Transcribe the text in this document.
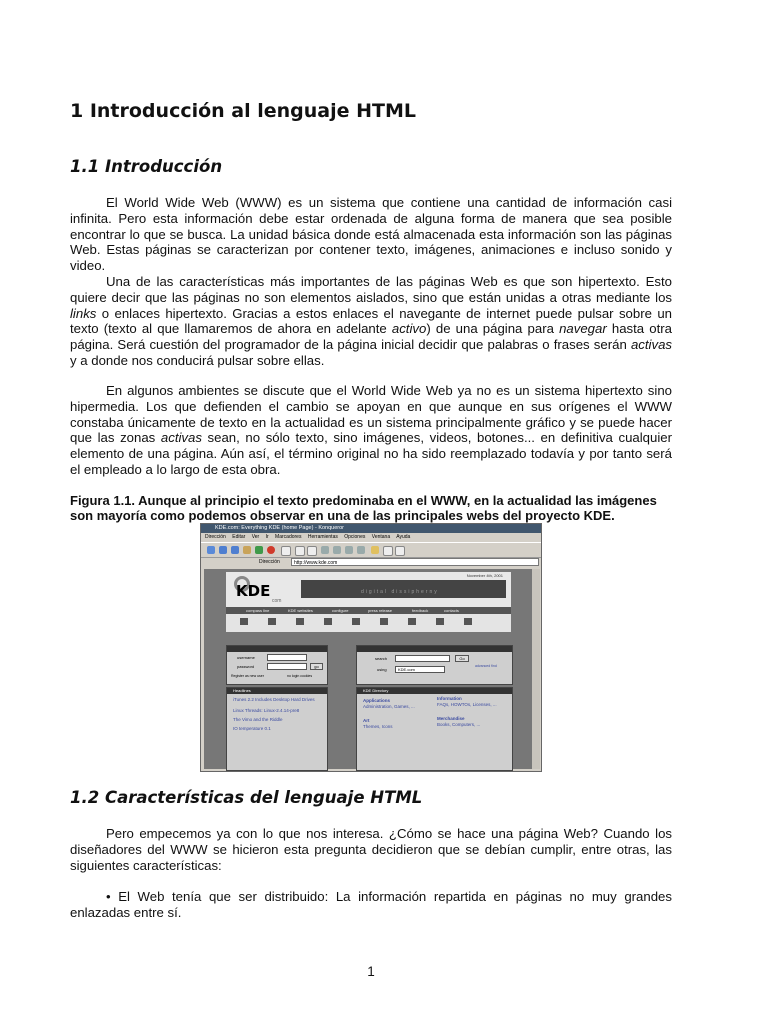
1 Introducción al lenguaje HTML
1.1 Introducción

El World Wide Web (WWW) es un sistema que contiene una cantidad de información casi infinita. Pero esta información debe estar ordenada de alguna forma de manera que sea posible encontrar lo que se busca. La unidad básica donde está almacenada esta información son las páginas Web. Estas páginas se caracterizan por contener texto, imágenes, animaciones e incluso sonido y video.

Una de las características más importantes de las páginas Web es que son hipertexto. Esto quiere decir que las páginas no son elementos aislados, sino que están unidas a otras mediante los links o enlaces hipertexto. Gracias a estos enlaces el navegante de internet puede pulsar sobre un texto (texto al que llamaremos de ahora en adelante activo) de una página para navegar hasta otra página. Será cuestión del programador de la página inicial decidir que palabras o frases serán activas y a donde nos conducirá pulsar sobre ellas.

En algunos ambientes se discute que el World Wide Web ya no es un sistema hipertexto sino hipermedia. Los que defienden el cambio se apoyan en que aunque en sus orígenes el WWW constaba únicamente de texto en la actualidad es un sistema principalmente gráfico y se puede hacer que las zonas activas sean, no sólo texto, sino imágenes, videos, botones... en definitiva cualquier elemento de una página. Aún así, el término original no ha sido reemplazado todavía y por tanto será el empleado a lo largo de esta obra.

Figura 1.1. Aunque al principio el texto predominaba en el WWW, en la actualidad las imágenes son mayoría como podemos observar en una de las principales webs del proyecto KDE.

KDE.com: Everything KDE (home Page) - Konqueror
Dirección Editar Ver Ir Marcadores Herramientas Opciones Ventana Ayuda
Dirección	http://www.kde.com
KDE
com
digital dissipherny
November 4th, 2001
compass line	KDE websites	configure	press release	feedback	contacts
username
password	go
Register as new user	no login cookies
search	Go
using	KDE.com
advanced find
Headlines
iTunes 2.2 Includes Desktop Hard Drives
Linux Threads: Linux-2.4.14-pre8
The Vimo and the Riddle
IO temperature 0.1
KDE Directory
Applications
Administration, Games, ...
Information
FAQs, HOWTOs, Licenses, ...
Art
Themes, Icons
Merchandise
Books, Computers, ...
1.2 Características del lenguaje HTML

Pero empecemos ya con lo que nos interesa. ¿Cómo se hace una página Web? Cuando los diseñadores del WWW se hicieron esta pregunta decidieron que se debían cumplir, entre otras, las siguientes características:

• El Web tenía que ser distribuido: La información repartida en páginas no muy grandes enlazadas entre sí.

1
